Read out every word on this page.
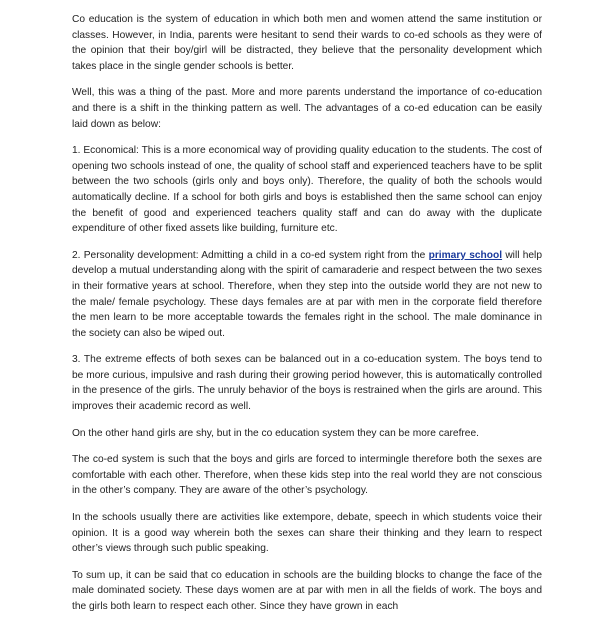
Co education is the system of education in which both men and women attend the same institution or classes. However, in India, parents were hesitant to send their wards to co-ed schools as they were of the opinion that their boy/girl will be distracted, they believe that the personality development which takes place in the single gender schools is better.

Well, this was a thing of the past. More and more parents understand the importance of co-education and there is a shift in the thinking pattern as well. The advantages of a co-ed education can be easily laid down as below:

1. Economical: This is a more economical way of providing quality education to the students. The cost of opening two schools instead of one, the quality of school staff and experienced teachers have to be split between the two schools (girls only and boys only). Therefore, the quality of both the schools would automatically decline. If a school for both girls and boys is established then the same school can enjoy the benefit of good and experienced teachers quality staff and can do away with the duplicate expenditure of other fixed assets like building, furniture etc.

2. Personality development: Admitting a child in a co-ed system right from the primary school will help develop a mutual understanding along with the spirit of camaraderie and respect between the two sexes in their formative years at school. Therefore, when they step into the outside world they are not new to the male/ female psychology. These days females are at par with men in the corporate field therefore the men learn to be more acceptable towards the females right in the school. The male dominance in the society can also be wiped out.

3. The extreme effects of both sexes can be balanced out in a co-education system. The boys tend to be more curious, impulsive and rash during their growing period however, this is automatically controlled in the presence of the girls. The unruly behavior of the boys is restrained when the girls are around. This improves their academic record as well.

On the other hand girls are shy, but in the co education system they can be more carefree.

The co-ed system is such that the boys and girls are forced to intermingle therefore both the sexes are comfortable with each other. Therefore, when these kids step into the real world they are not conscious in the other’s company. They are aware of the other’s psychology.

In the schools usually there are activities like extempore, debate, speech in which students voice their opinion. It is a good way wherein both the sexes can share their thinking and they learn to respect other’s views through such public speaking.

To sum up, it can be said that co education in schools are the building blocks to change the face of the male dominated society. These days women are at par with men in all the fields of work. The boys and the girls both learn to respect each other. Since they have grown in each
